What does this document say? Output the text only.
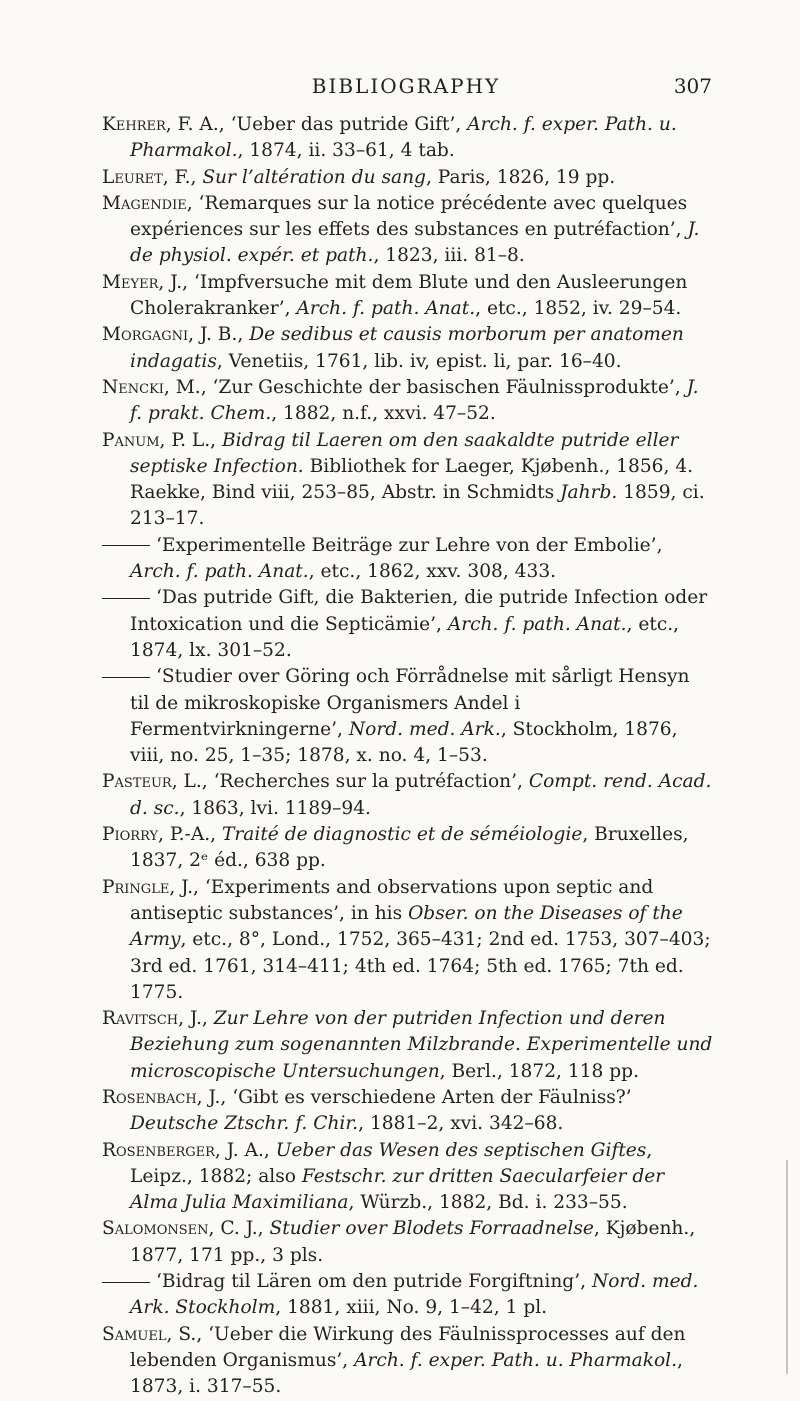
BIBLIOGRAPHY	307

Kehrer, F. A., ‘Ueber das putride Gift’, Arch. f. exper. Path. u. Pharmakol., 1874, ii. 33–61, 4 tab.

Leuret, F., Sur l’altération du sang, Paris, 1826, 19 pp.

Magendie, ‘Remarques sur la notice précédente avec quelques expériences sur les effets des substances en putréfaction’, J. de physiol. expér. et path., 1823, iii. 81–8.

Meyer, J., ‘Impfversuche mit dem Blute und den Ausleerungen Cholerakranker’, Arch. f. path. Anat., etc., 1852, iv. 29–54.

Morgagni, J. B., De sedibus et causis morborum per anatomen indagatis, Venetiis, 1761, lib. iv, epist. li, par. 16–40.

Nencki, M., ‘Zur Geschichte der basischen Fäulnissprodukte’, J. f. prakt. Chem., 1882, n.f., xxvi. 47–52.

Panum, P. L., Bidrag til Laeren om den saakaldte putride eller septiske Infection. Bibliothek for Laeger, Kjøbenh., 1856, 4. Raekke, Bind viii, 253–85, Abstr. in Schmidts Jahrb. 1859, ci. 213–17.

‘Experimentelle Beiträge zur Lehre von der Embolie’, Arch. f. path. Anat., etc., 1862, xxv. 308, 433.

‘Das putride Gift, die Bakterien, die putride Infection oder Intoxication und die Septicämie’, Arch. f. path. Anat., etc., 1874, lx. 301–52.

‘Studier over Göring och Förrådnelse mit sårligt Hensyn til de mikroskopiske Organismers Andel i Fermentvirkningerne’, Nord. med. Ark., Stockholm, 1876, viii, no. 25, 1–35; 1878, x. no. 4, 1–53.

Pasteur, L., ‘Recherches sur la putréfaction’, Compt. rend. Acad. d. sc., 1863, lvi. 1189–94.

Piorry, P.-A., Traité de diagnostic et de séméiologie, Bruxelles, 1837, 2ᵉ éd., 638 pp.

Pringle, J., ‘Experiments and observations upon septic and antiseptic substances’, in his Obser. on the Diseases of the Army, etc., 8°, Lond., 1752, 365–431; 2nd ed. 1753, 307–403; 3rd ed. 1761, 314–411; 4th ed. 1764; 5th ed. 1765; 7th ed. 1775.

Ravitsch, J., Zur Lehre von der putriden Infection und deren Beziehung zum sogenannten Milzbrande. Experimentelle und microscopische Untersuchungen, Berl., 1872, 118 pp.

Rosenbach, J., ‘Gibt es verschiedene Arten der Fäulniss?’ Deutsche Ztschr. f. Chir., 1881–2, xvi. 342–68.

Rosenberger, J. A., Ueber das Wesen des septischen Giftes, Leipz., 1882; also Festschr. zur dritten Saecularfeier der Alma Julia Maximiliana, Würzb., 1882, Bd. i. 233–55.

Salomonsen, C. J., Studier over Blodets Forraadnelse, Kjøbenh., 1877, 171 pp., 3 pls.

‘Bidrag til Lären om den putride Forgiftning’, Nord. med. Ark. Stockholm, 1881, xiii, No. 9, 1–42, 1 pl.

Samuel, S., ‘Ueber die Wirkung des Fäulnissprocesses auf den lebenden Organismus’, Arch. f. exper. Path. u. Pharmakol., 1873, i. 317–55.
